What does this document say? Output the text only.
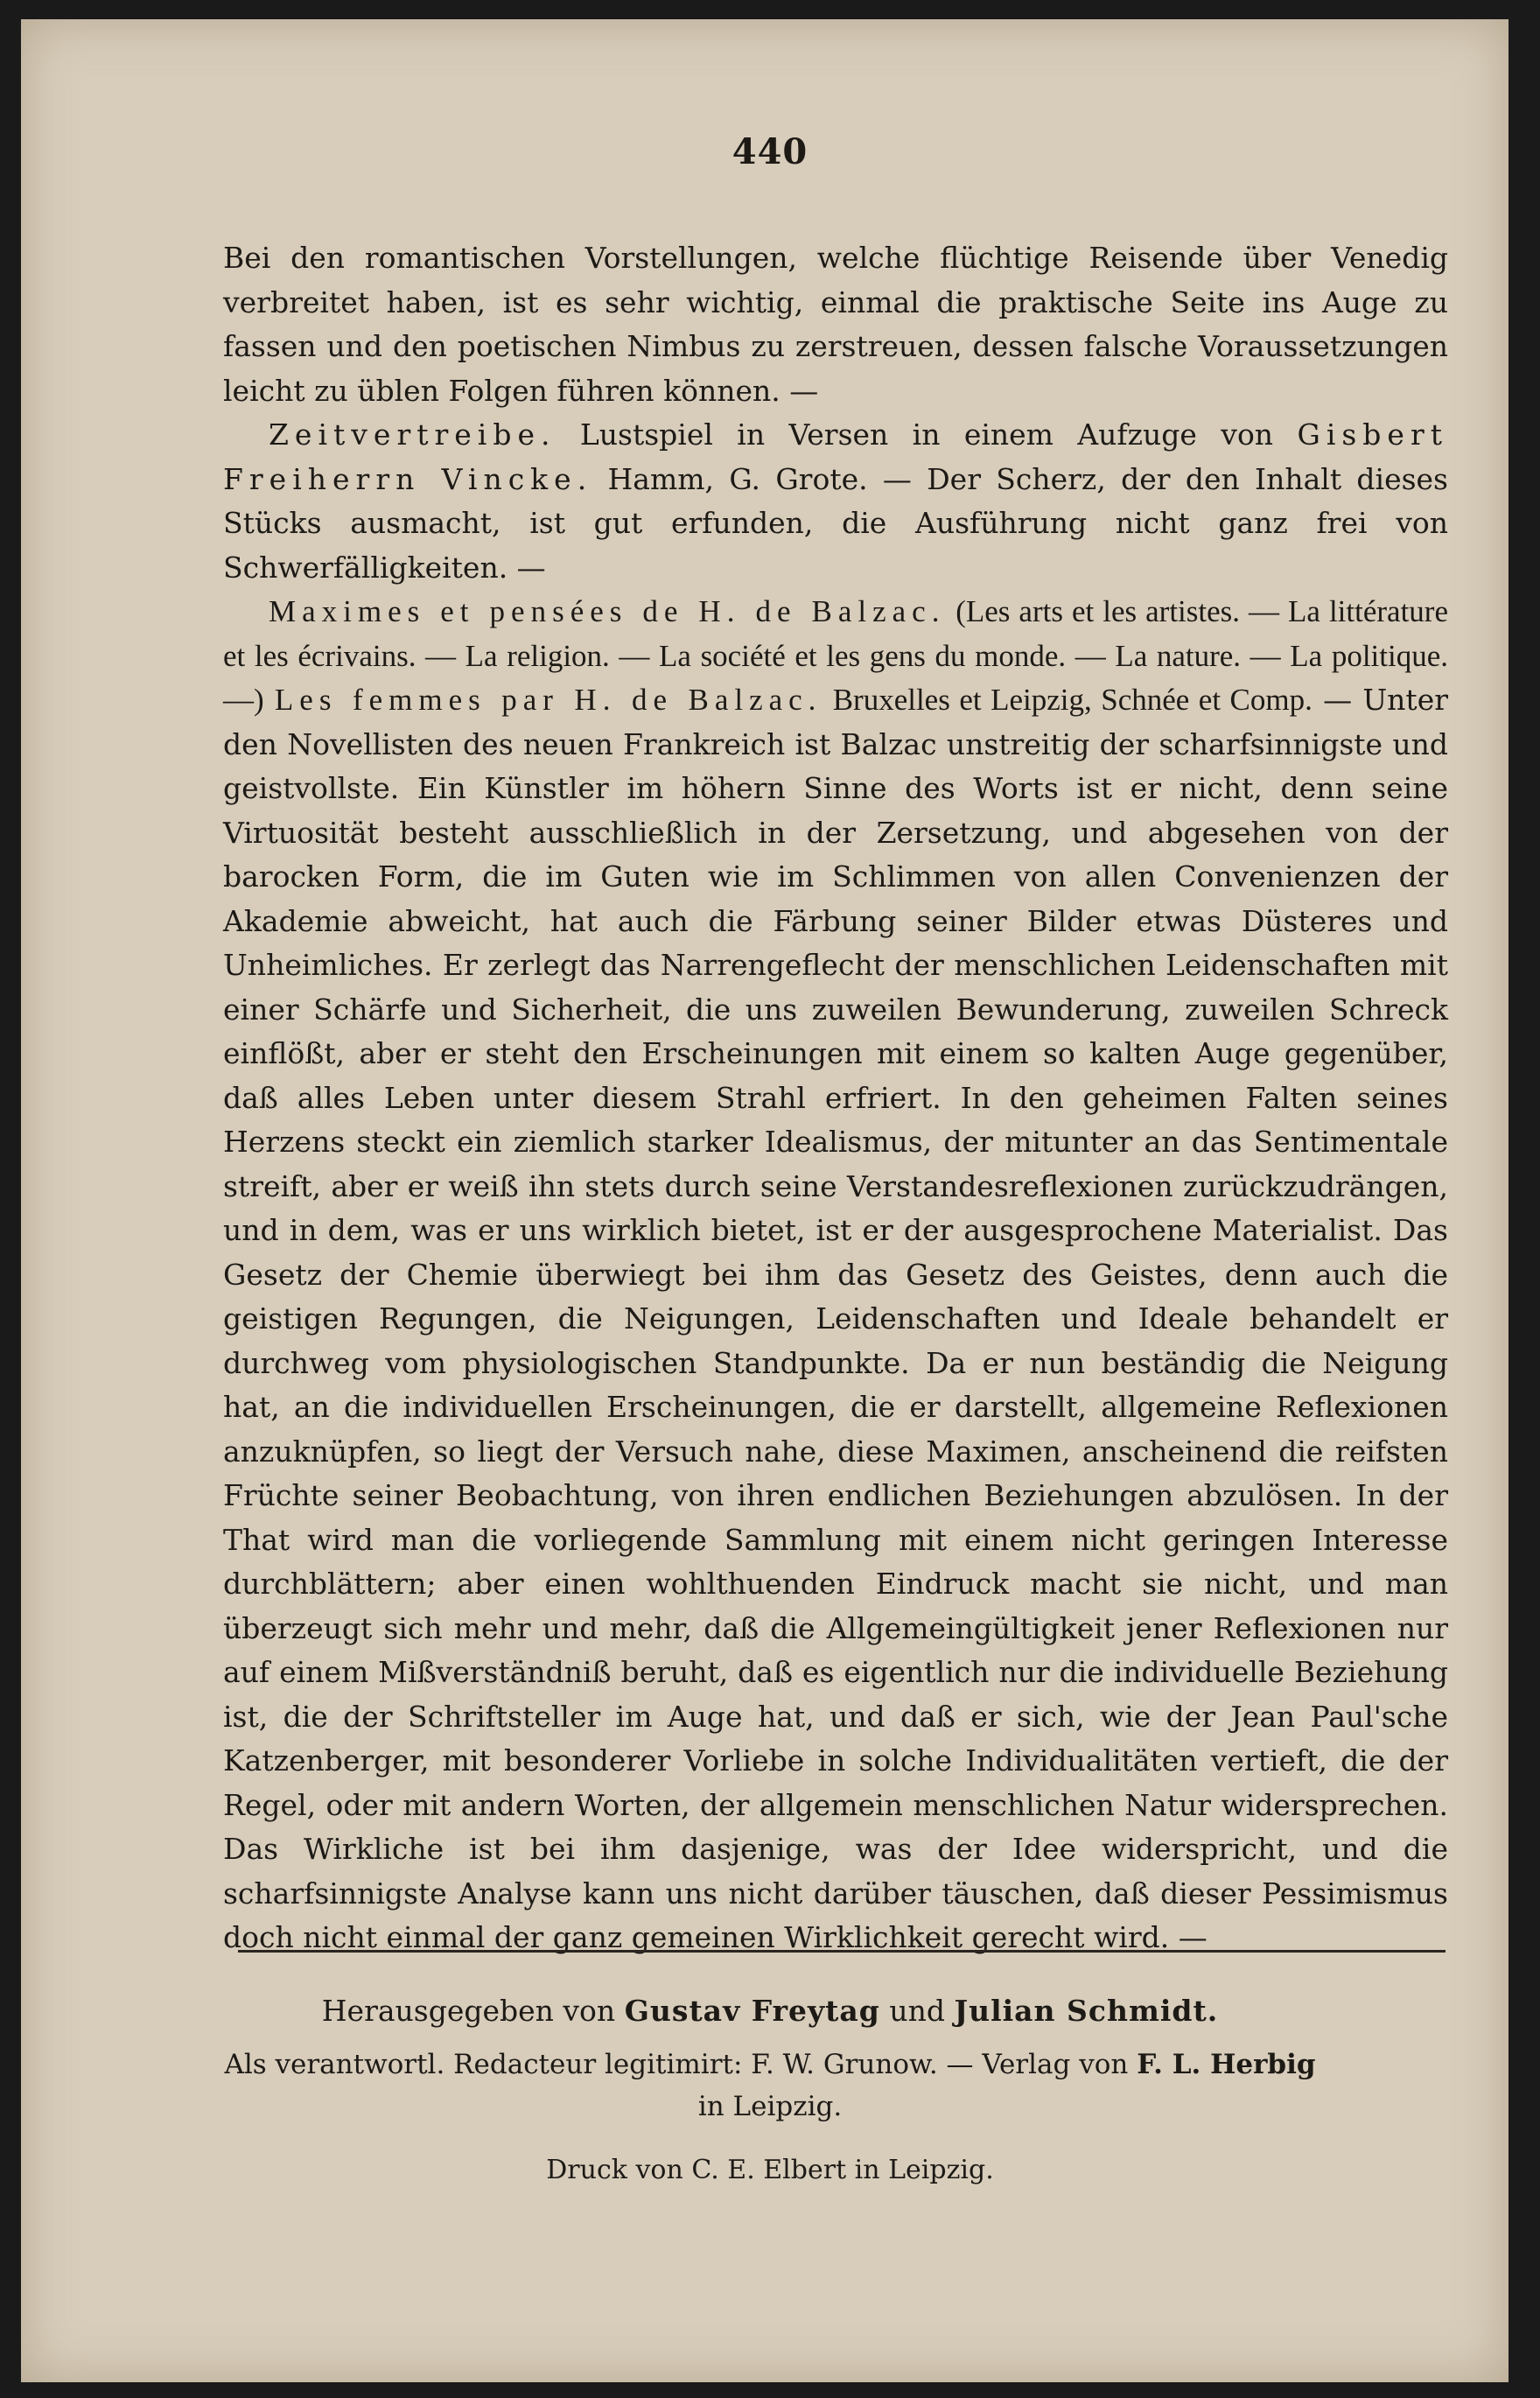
440

Bei den romantischen Vorstellungen, welche flüchtige Reisende über Venedig verbreitet haben, ist es sehr wichtig, einmal die praktische Seite ins Auge zu fassen und den poetischen Nimbus zu zerstreuen, dessen falsche Voraussetzungen leicht zu üblen Folgen führen können. —

Zeitvertreibe. Lustspiel in Versen in einem Aufzuge von Gisbert Freiherrn Vincke. Hamm, G. Grote. — Der Scherz, der den Inhalt dieses Stücks ausmacht, ist gut erfunden, die Ausführung nicht ganz frei von Schwerfälligkeiten. —

Maximes et pensées de H. de Balzac. (Les arts et les artistes. — La littérature et les écrivains. — La religion. — La société et les gens du monde. — La nature. — La politique. —) Les femmes par H. de Balzac. Bruxelles et Leipzig, Schnée et Comp. — Unter den Novellisten des neuen Frankreich ist Balzac unstreitig der scharfsinnigste und geistvollste. Ein Künstler im höhern Sinne des Worts ist er nicht, denn seine Virtuosität besteht ausschließlich in der Zersetzung, und abgesehen von der barocken Form, die im Guten wie im Schlimmen von allen Convenienzen der Akademie abweicht, hat auch die Färbung seiner Bilder etwas Düsteres und Unheimliches. Er zerlegt das Narrengeflecht der menschlichen Leidenschaften mit einer Schärfe und Sicherheit, die uns zuweilen Bewunderung, zuweilen Schreck einflößt, aber er steht den Erscheinungen mit einem so kalten Auge gegenüber, daß alles Leben unter diesem Strahl erfriert. In den geheimen Falten seines Herzens steckt ein ziemlich starker Idealismus, der mitunter an das Sentimentale streift, aber er weiß ihn stets durch seine Verstandesreflexionen zurückzudrängen, und in dem, was er uns wirklich bietet, ist er der ausgesprochene Materialist. Das Gesetz der Chemie überwiegt bei ihm das Gesetz des Geistes, denn auch die geistigen Regungen, die Neigungen, Leidenschaften und Ideale behandelt er durchweg vom physiologischen Standpunkte. Da er nun beständig die Neigung hat, an die individuellen Erscheinungen, die er darstellt, allgemeine Reflexionen anzuknüpfen, so liegt der Versuch nahe, diese Maximen, anscheinend die reifsten Früchte seiner Beobachtung, von ihren endlichen Beziehungen abzulösen. In der That wird man die vorliegende Sammlung mit einem nicht geringen Interesse durchblättern; aber einen wohlthuenden Eindruck macht sie nicht, und man überzeugt sich mehr und mehr, daß die Allgemeingültigkeit jener Reflexionen nur auf einem Mißverständniß beruht, daß es eigentlich nur die individuelle Beziehung ist, die der Schriftsteller im Auge hat, und daß er sich, wie der Jean Paul'sche Katzenberger, mit besonderer Vorliebe in solche Individualitäten vertieft, die der Regel, oder mit andern Worten, der allgemein menschlichen Natur widersprechen. Das Wirkliche ist bei ihm dasjenige, was der Idee widerspricht, und die scharfsinnigste Analyse kann uns nicht darüber täuschen, daß dieser Pessimismus doch nicht einmal der ganz gemeinen Wirklichkeit gerecht wird. —

Herausgegeben von Gustav Freytag und Julian Schmidt.
Als verantwortl. Redacteur legitimirt: F. W. Grunow. — Verlag von F. L. Herbig
in Leipzig.
Druck von C. E. Elbert in Leipzig.
